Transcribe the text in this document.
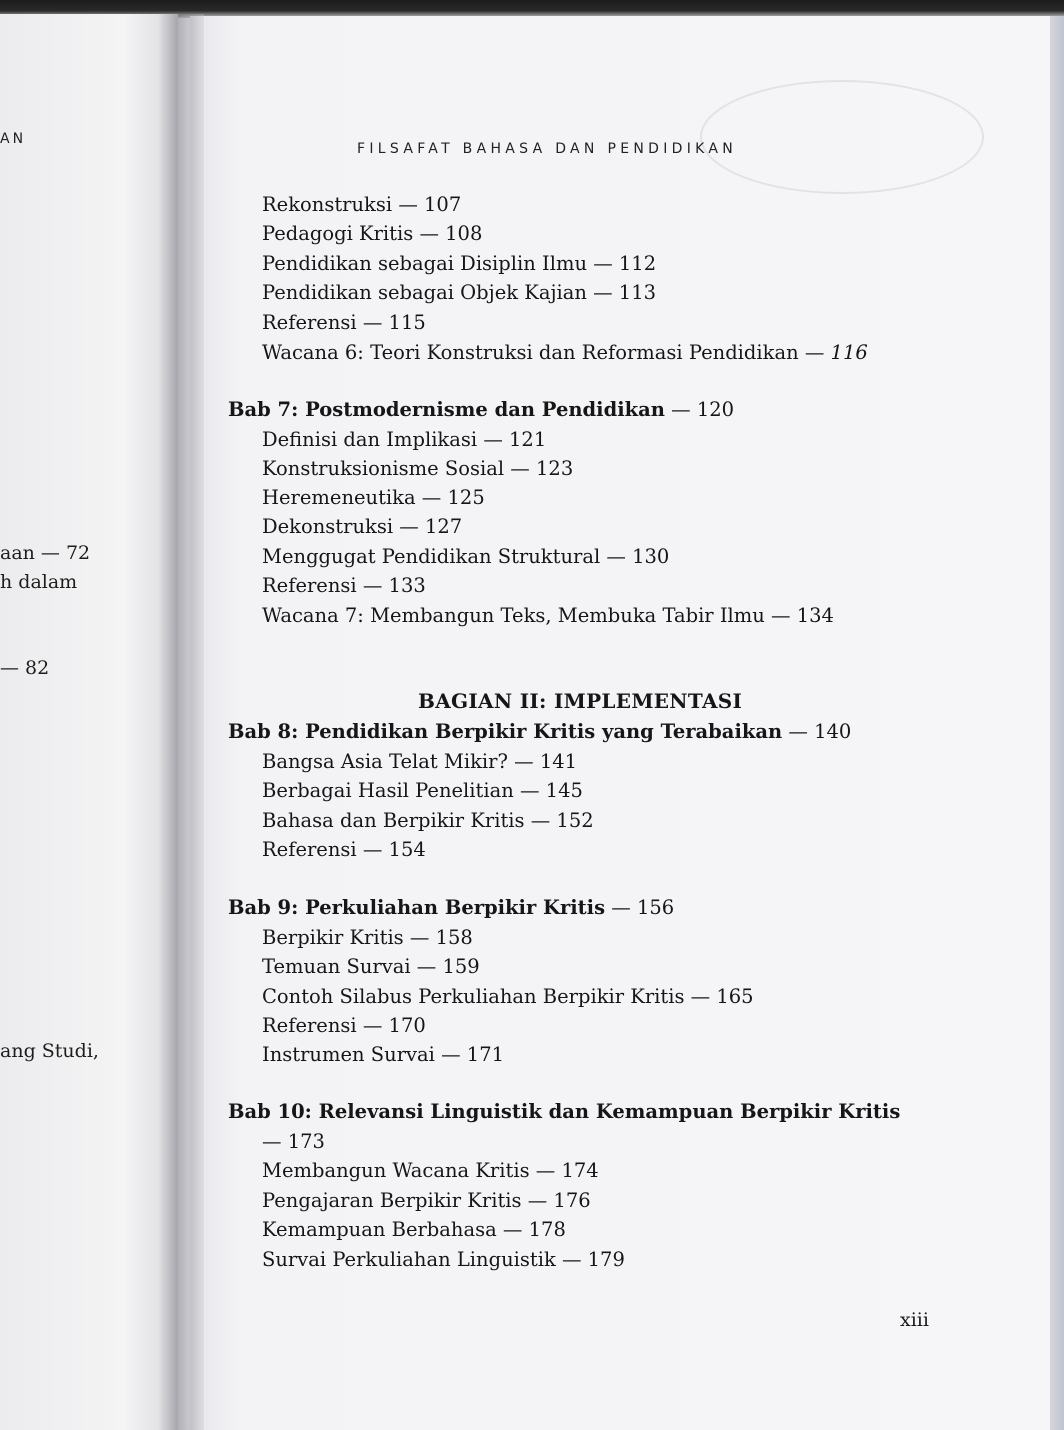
AN
aan — 72
h dalam
— 82
ang Studi,
FILSAFAT BAHASA DAN PENDIDIKAN
Rekonstruksi — 107
Pedagogi Kritis — 108
Pendidikan sebagai Disiplin Ilmu — 112
Pendidikan sebagai Objek Kajian — 113
Referensi — 115
Wacana 6: Teori Konstruksi dan Reformasi Pendidikan — 116
Bab 7: Postmodernisme dan Pendidikan — 120
Definisi dan Implikasi — 121
Konstruksionisme Sosial — 123
Heremeneutika — 125
Dekonstruksi — 127
Menggugat Pendidikan Struktural — 130
Referensi — 133
Wacana 7: Membangun Teks, Membuka Tabir Ilmu — 134
BAGIAN II: IMPLEMENTASI
Bab 8: Pendidikan Berpikir Kritis yang Terabaikan — 140
Bangsa Asia Telat Mikir? — 141
Berbagai Hasil Penelitian — 145
Bahasa dan Berpikir Kritis — 152
Referensi — 154
Bab 9: Perkuliahan Berpikir Kritis — 156
Berpikir Kritis — 158
Temuan Survai — 159
Contoh Silabus Perkuliahan Berpikir Kritis — 165
Referensi — 170
Instrumen Survai — 171
Bab 10: Relevansi Linguistik dan Kemampuan Berpikir Kritis
— 173
Membangun Wacana Kritis — 174
Pengajaran Berpikir Kritis — 176
Kemampuan Berbahasa — 178
Survai Perkuliahan Linguistik — 179
xiii
